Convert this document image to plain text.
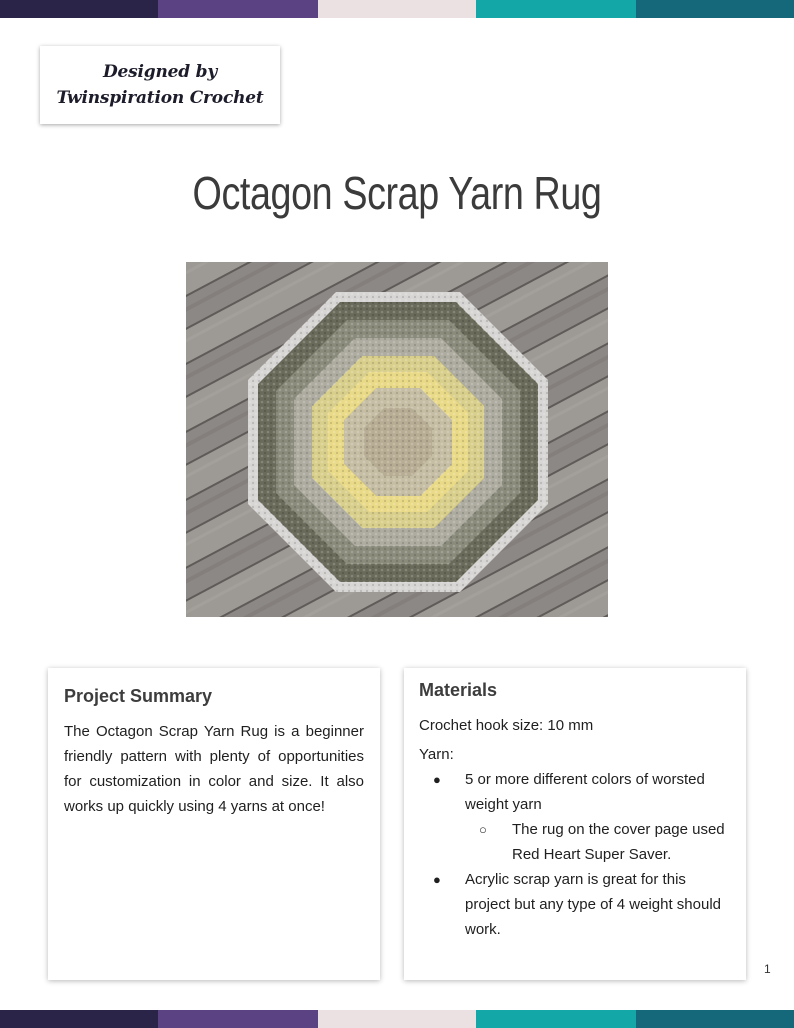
Designed by
Twinspiration Crochet
Octagon Scrap Yarn Rug
Project Summary

The Octagon Scrap Yarn Rug is a beginner friendly pattern with plenty of opportunities for customization in color and size. It also works up quickly using 4 yarns at once!

Materials
Crochet hook size: 10 mm
Yarn:
● 5 or more different colors of worsted weight yarn
○ The rug on the cover page used Red Heart Super Saver.
● Acrylic scrap yarn is great for this project but any type of 4 weight should work.
1
